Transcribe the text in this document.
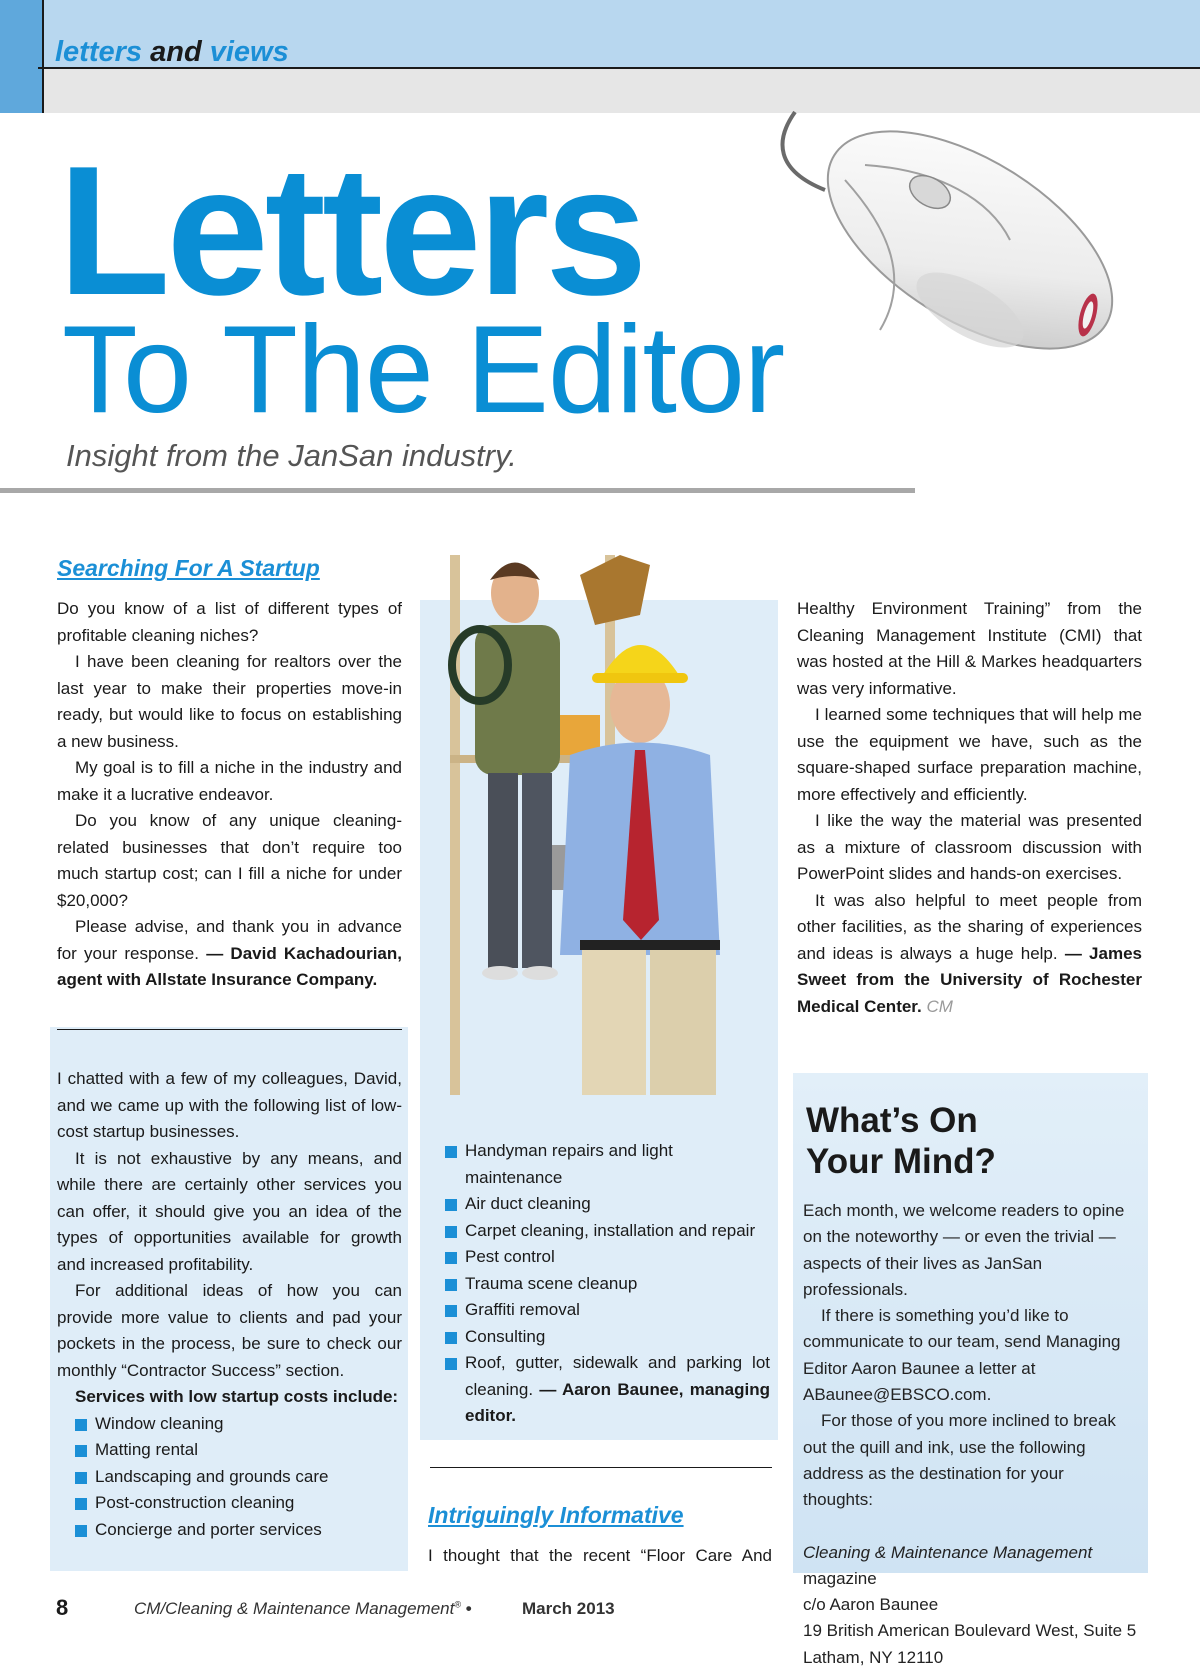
letters and views
Letters
To The Editor
Insight from the JanSan industry.
Searching For A Startup

Do you know of a list of different types of profitable cleaning niches?

I have been cleaning for realtors over the last year to make their properties move-in ready, but would like to focus on establishing a new business.

My goal is to fill a niche in the industry and make it a lucrative endeavor.

Do you know of any unique cleaning-related businesses that don’t require too much startup cost; can I fill a niche for under $20,000?

Please advise, and thank you in advance for your response. — David Kachadourian, agent with Allstate Insurance Company.

I chatted with a few of my colleagues, David, and we came up with the following list of low-cost startup businesses.

It is not exhaustive by any means, and while there are certainly other services you can offer, it should give you an idea of the types of opportunities available for growth and increased profitability.

For additional ideas of how you can provide more value to clients and pad your pockets in the process, be sure to check our monthly “Contractor Success” section.

Services with low startup costs include:

Window cleaning
Matting rental
Landscaping and grounds care
Post-construction cleaning
Concierge and porter services
Handyman repairs and light maintenance
Air duct cleaning
Carpet cleaning, installation and repair
Pest control
Trauma scene cleanup
Graffiti removal
Consulting
Roof, gutter, sidewalk and parking lot cleaning. — Aaron Baunee, managing editor.
Intriguingly Informative

I thought that the recent “Floor Care And

Healthy Environment Training” from the Cleaning Management Institute (CMI) that was hosted at the Hill & Markes headquarters was very informative.

I learned some techniques that will help me use the equipment we have, such as the square-shaped surface preparation machine, more effectively and efficiently.

I like the way the material was presented as a mixture of classroom discussion with PowerPoint slides and hands-on exercises.

It was also helpful to meet people from other facilities, as the sharing of experiences and ideas is always a huge help. — James Sweet from the University of Rochester Medical Center. CM

What’s On
Your Mind?

Each month, we welcome readers to opine on the noteworthy — or even the trivial — aspects of their lives as JanSan professionals.

If there is something you’d like to communicate to our team, send Managing Editor Aaron Baunee a letter at ABaunee@EBSCO.com.

For those of you more inclined to break out the quill and ink, use the following address as the destination for your thoughts:

Cleaning & Maintenance Management magazine

c/o Aaron Baunee

19 British American Boulevard West, Suite 5

Latham, NY 12110

8	CM/Cleaning & Maintenance Management® •	March 2013
